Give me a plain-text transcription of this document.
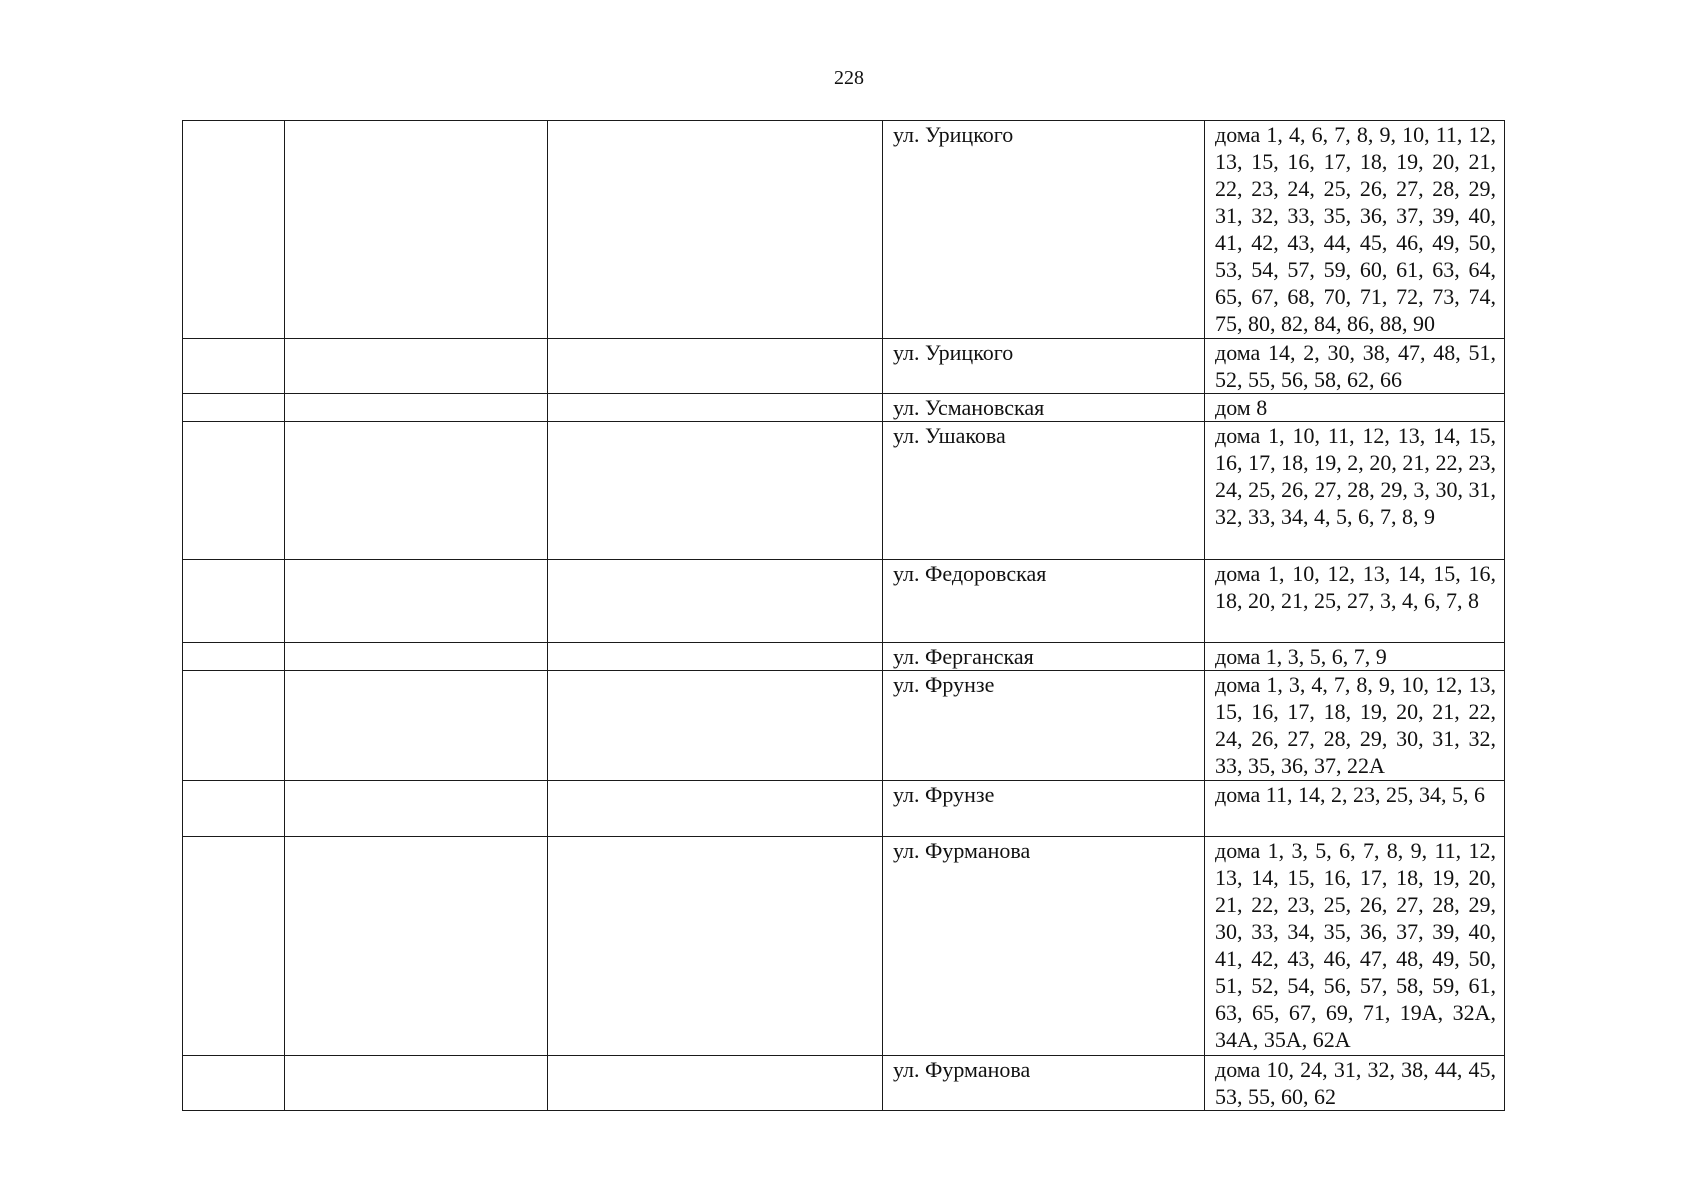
228
			ул. Урицкого	дома 1, 4, 6, 7, 8, 9, 10, 11, 12, 13, 15, 16, 17, 18, 19, 20, 21, 22, 23, 24, 25, 26, 27, 28, 29, 31, 32, 33, 35, 36, 37, 39, 40, 41, 42, 43, 44, 45, 46, 49, 50, 53, 54, 57, 59, 60, 61, 63, 64, 65, 67, 68, 70, 71, 72, 73, 74, 75, 80, 82, 84, 86, 88, 90
			ул. Урицкого	дома 14, 2, 30, 38, 47, 48, 51, 52, 55, 56, 58, 62, 66
			ул. Усмановская	дом 8
			ул. Ушакова	дома 1, 10, 11, 12, 13, 14, 15, 16, 17, 18, 19, 2, 20, 21, 22, 23, 24, 25, 26, 27, 28, 29, 3, 30, 31, 32, 33, 34, 4, 5, 6, 7, 8, 9
			ул. Федоровская	дома 1, 10, 12, 13, 14, 15, 16, 18, 20, 21, 25, 27, 3, 4, 6, 7, 8
			ул. Ферганская	дома 1, 3, 5, 6, 7, 9
			ул. Фрунзе	дома 1, 3, 4, 7, 8, 9, 10, 12, 13, 15, 16, 17, 18, 19, 20, 21, 22, 24, 26, 27, 28, 29, 30, 31, 32, 33, 35, 36, 37, 22А
			ул. Фрунзе	дома 11, 14, 2, 23, 25, 34, 5, 6
			ул. Фурманова	дома 1, 3, 5, 6, 7, 8, 9, 11, 12, 13, 14, 15, 16, 17, 18, 19, 20, 21, 22, 23, 25, 26, 27, 28, 29, 30, 33, 34, 35, 36, 37, 39, 40, 41, 42, 43, 46, 47, 48, 49, 50, 51, 52, 54, 56, 57, 58, 59, 61, 63, 65, 67, 69, 71, 19А, 32А, 34А, 35А, 62А
			ул. Фурманова	дома 10, 24, 31, 32, 38, 44, 45, 53, 55, 60, 62
